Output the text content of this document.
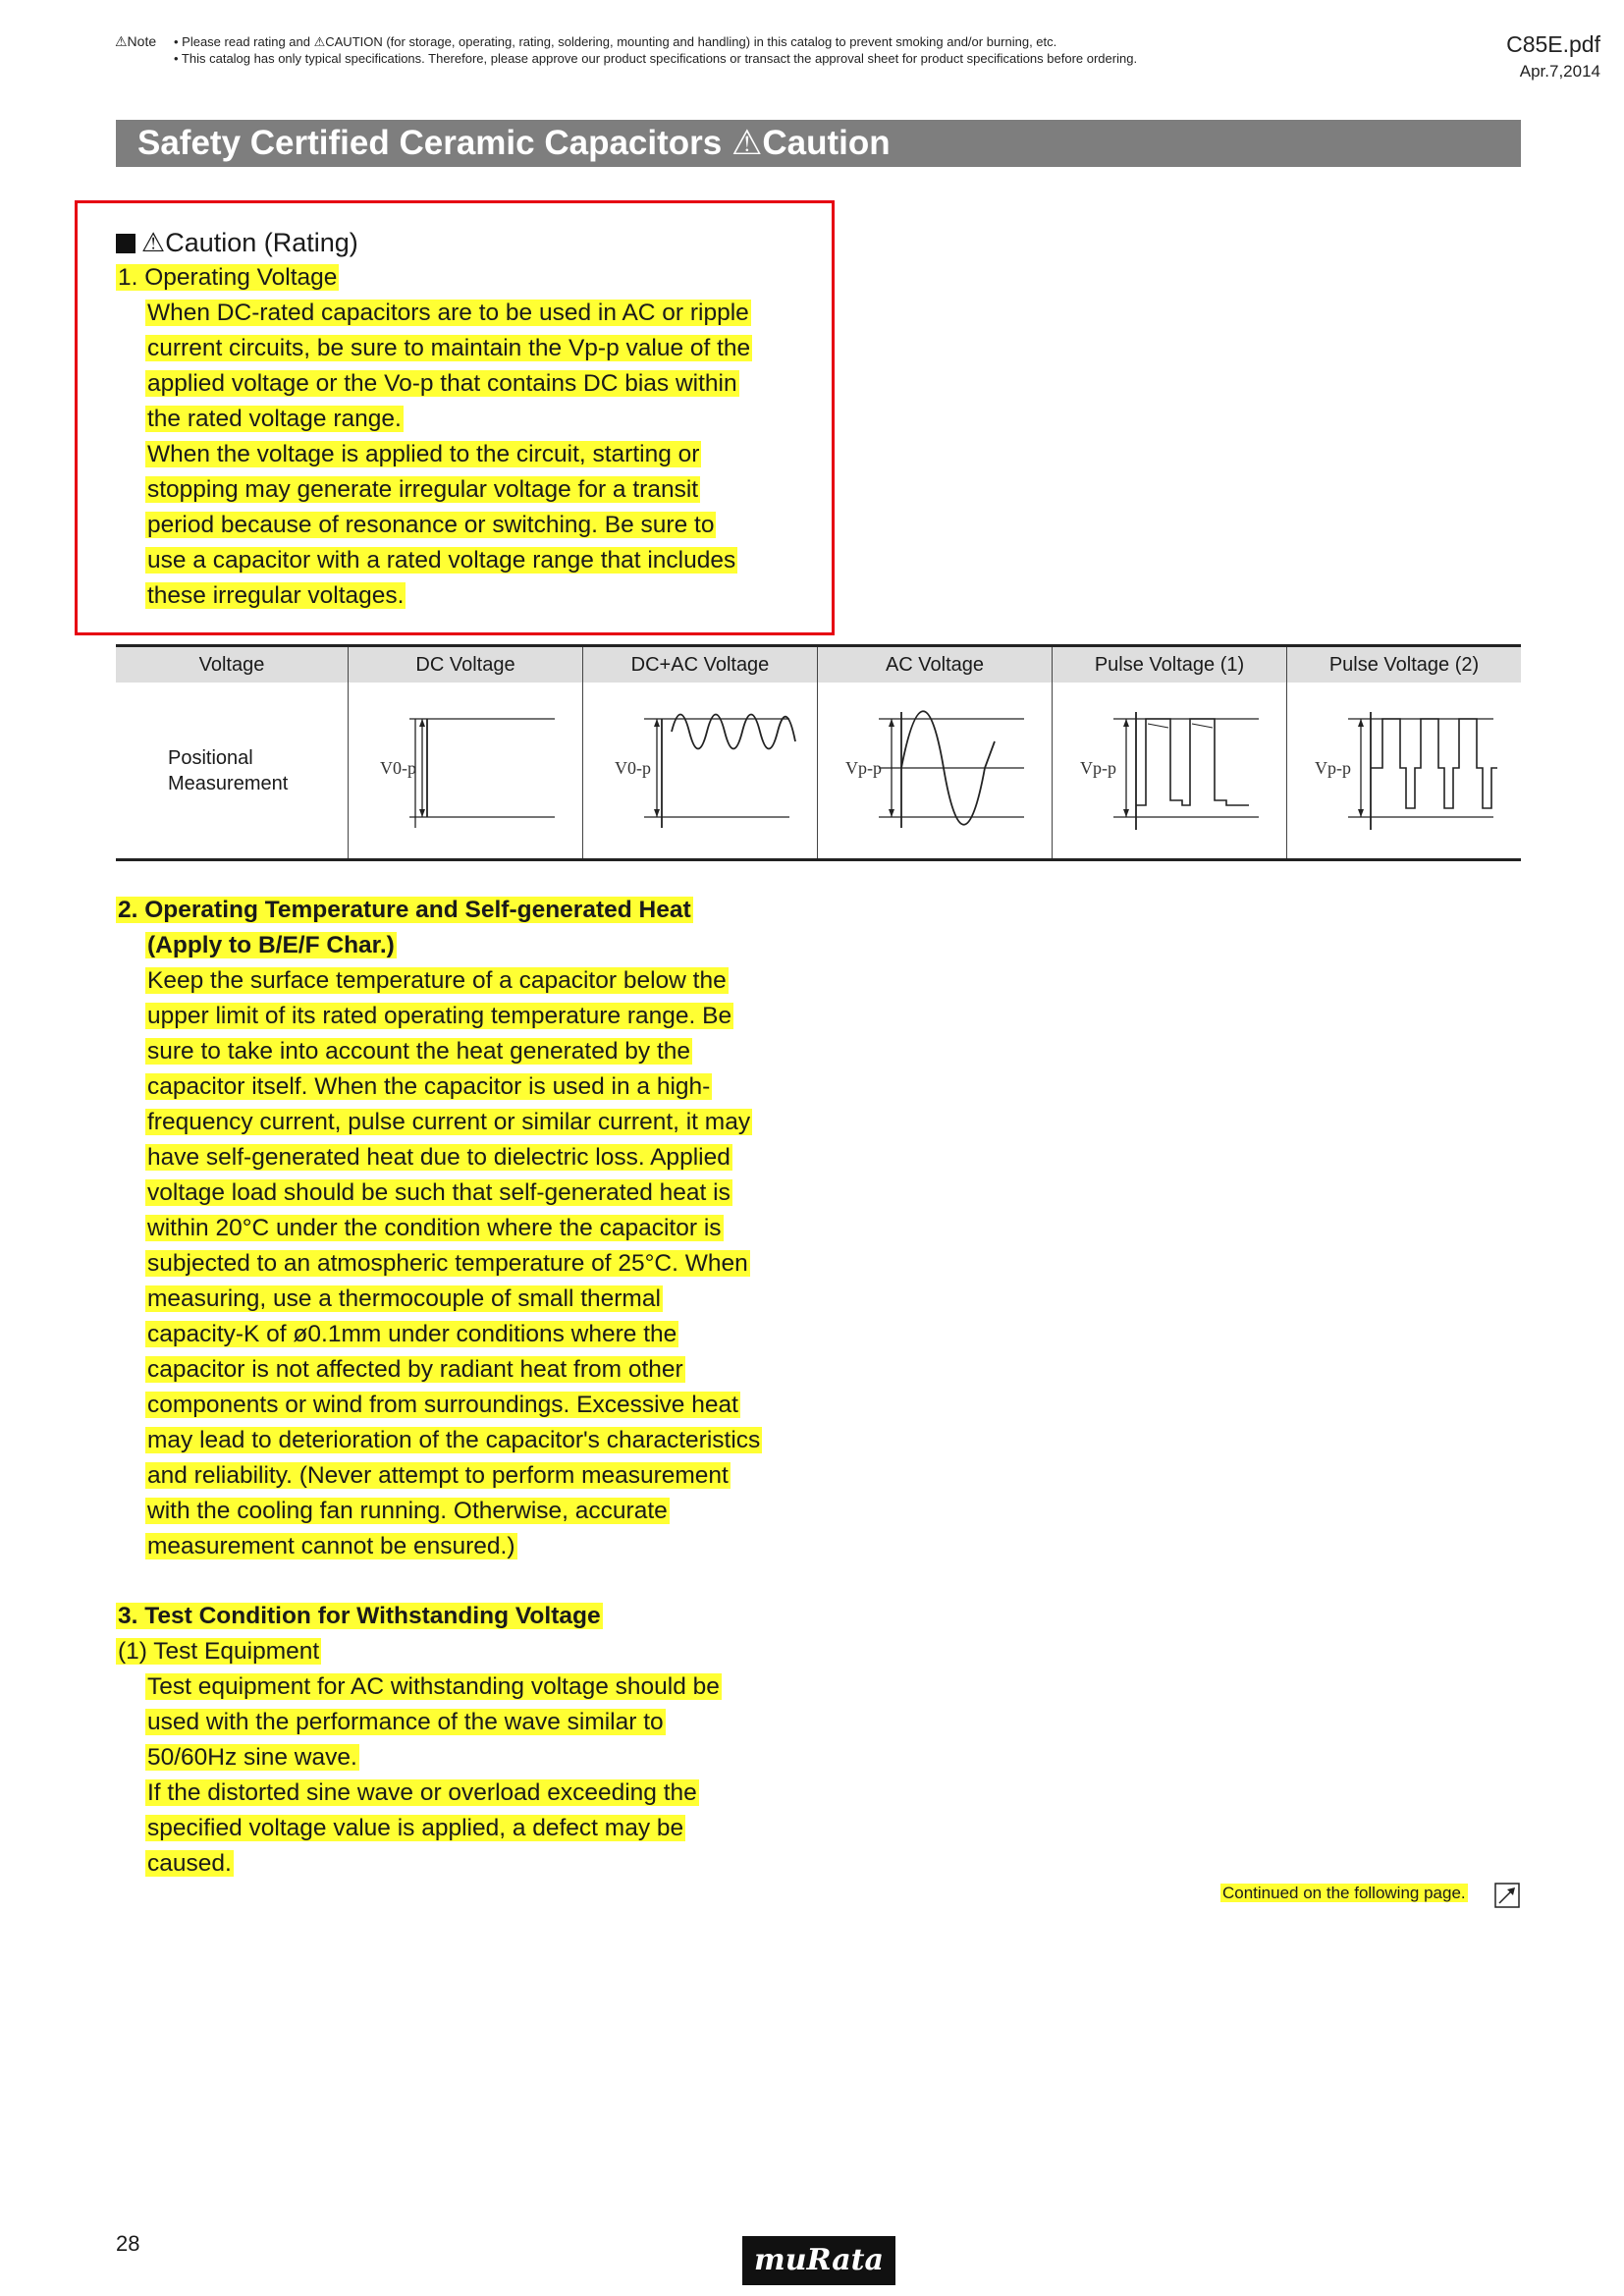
⚠Note • Please read rating and ⚠CAUTION (for storage, operating, rating, soldering, mounting and handling) in this catalog to prevent smoking and/or burning, etc.
• This catalog has only typical specifications. Therefore, please approve our product specifications or transact the approval sheet for product specifications before ordering.
C85E.pdf
Apr.7,2014
Safety Certified Ceramic Capacitors ⚠Caution
⚠Caution (Rating)
1. Operating Voltage
When DC-rated capacitors are to be used in AC or ripple
current circuits, be sure to maintain the Vp-p value of the
applied voltage or the Vo-p that contains DC bias within
the rated voltage range.
When the voltage is applied to the circuit, starting or
stopping may generate irregular voltage for a transit
period because of resonance or switching. Be sure to
use a capacitor with a rated voltage range that includes
these irregular voltages.
Voltage	DC Voltage	DC+AC Voltage	AC Voltage	Pulse Voltage (1)	Pulse Voltage (2)

Positional
Measurement	V0-p	V0-p	Vp-p	Vp-p	Vp-p
2. Operating Temperature and Self-generated Heat
(Apply to B/E/F Char.)
Keep the surface temperature of a capacitor below the
upper limit of its rated operating temperature range. Be
sure to take into account the heat generated by the
capacitor itself. When the capacitor is used in a high-
frequency current, pulse current or similar current, it may
have self-generated heat due to dielectric loss. Applied
voltage load should be such that self-generated heat is
within 20°C under the condition where the capacitor is
subjected to an atmospheric temperature of 25°C. When
measuring, use a thermocouple of small thermal
capacity-K of ø0.1mm under conditions where the
capacitor is not affected by radiant heat from other
components or wind from surroundings. Excessive heat
may lead to deterioration of the capacitor's characteristics
and reliability. (Never attempt to perform measurement
with the cooling fan running. Otherwise, accurate
measurement cannot be ensured.)
3. Test Condition for Withstanding Voltage
(1) Test Equipment
Test equipment for AC withstanding voltage should be
used with the performance of the wave similar to
50/60Hz sine wave.
If the distorted sine wave or overload exceeding the
specified voltage value is applied, a defect may be
caused.
Continued on the following page.
28	muRata
